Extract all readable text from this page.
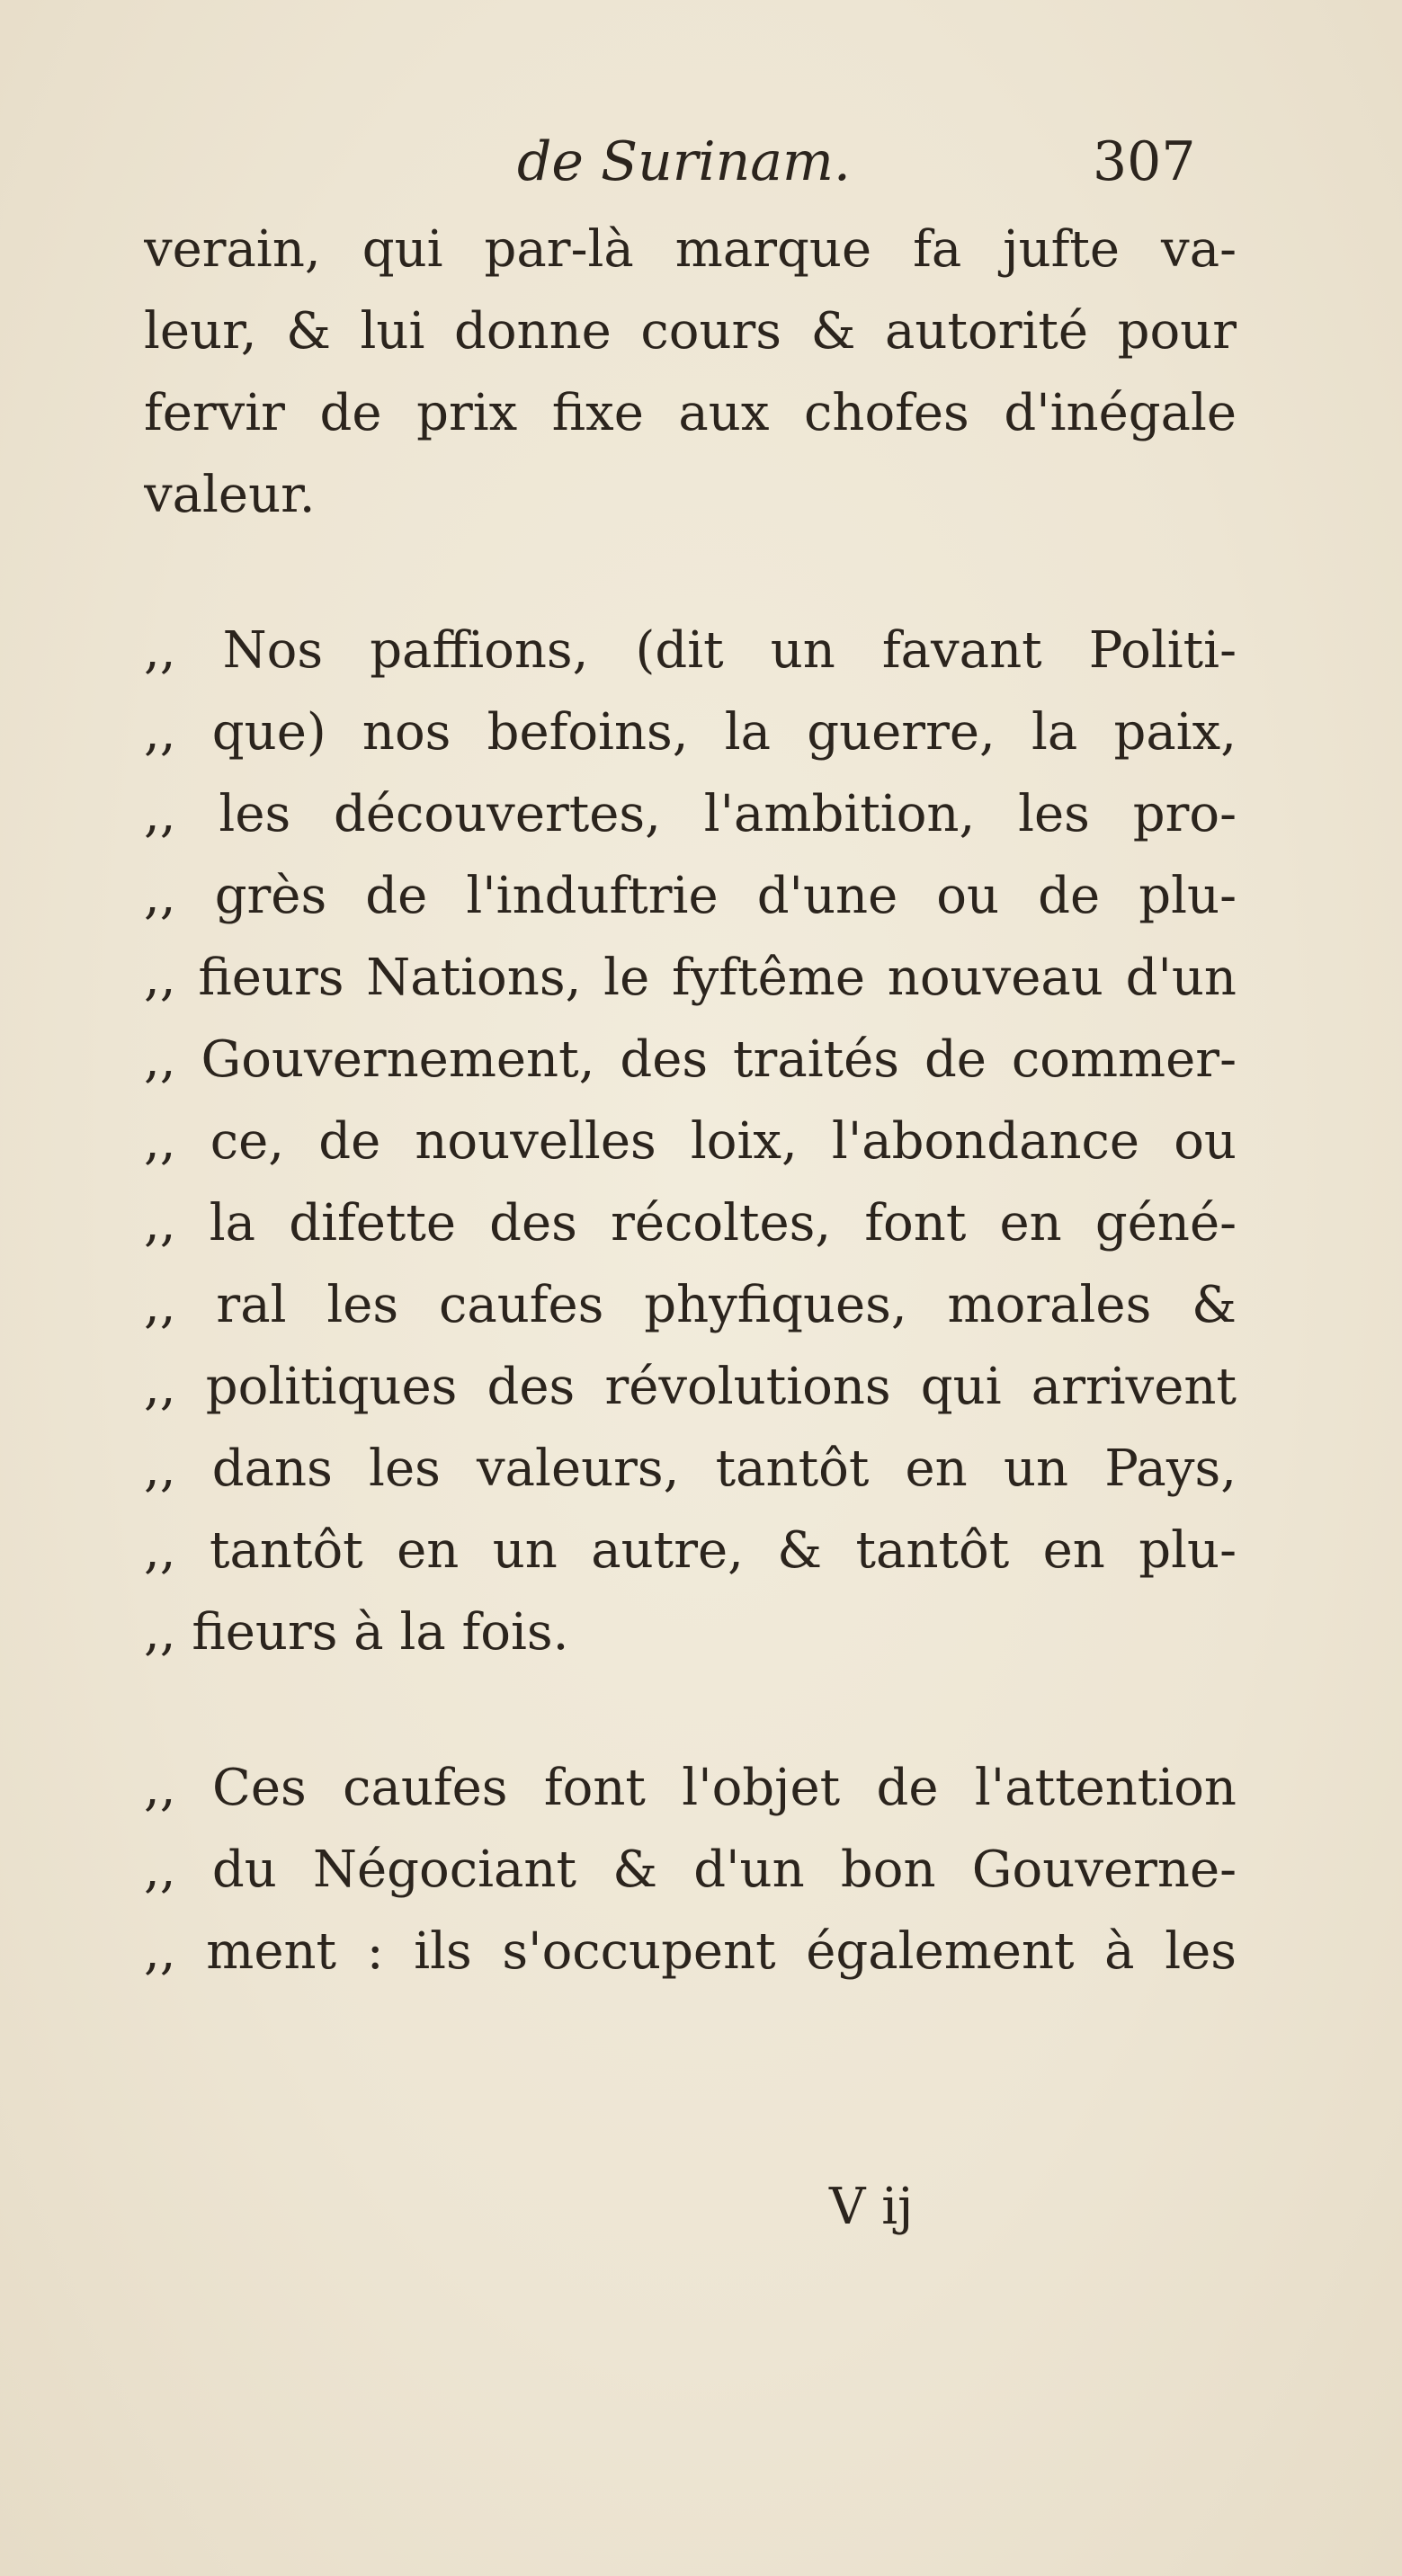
de Surinam.	307
verain, qui par-là marque fa jufte va-
leur, & lui donne cours & autorité pour
fervir de prix fixe aux chofes d'inégale
valeur.
,, Nos paffions, (dit un favant Politi-
,, que) nos befoins, la guerre, la paix,
,, les découvertes, l'ambition, les pro-
,, grès de l'induftrie d'une ou de plu-
,, fieurs Nations, le fyftême nouveau d'un
,, Gouvernement, des traités de commer-
,, ce, de nouvelles loix, l'abondance ou
,, la difette des récoltes, font en géné-
,, ral les caufes phyfiques, morales &
,, politiques des révolutions qui arrivent
,, dans les valeurs, tantôt en un Pays,
,, tantôt en un autre, & tantôt en plu-
,, fieurs à la fois.
,, Ces caufes font l'objet de l'attention
,, du Négociant & d'un bon Gouverne-
,, ment : ils s'occupent également à les
V ij
